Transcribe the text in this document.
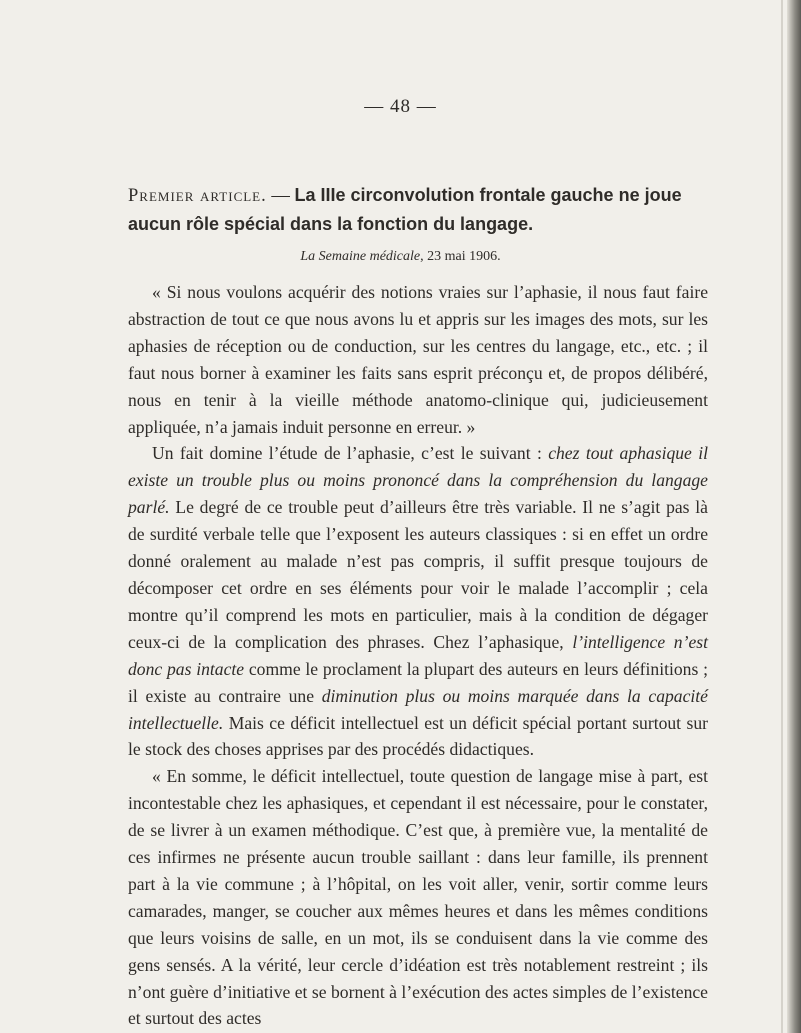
— 48 —

Premier article. — La IIIe circonvolution frontale gauche ne joue aucun rôle spécial dans la fonction du langage.

La Semaine médicale, 23 mai 1906.

« Si nous voulons acquérir des notions vraies sur l’aphasie, il nous faut faire abstraction de tout ce que nous avons lu et appris sur les images des mots, sur les aphasies de réception ou de conduction, sur les centres du langage, etc., etc. ; il faut nous borner à examiner les faits sans esprit préconçu et, de propos délibéré, nous en tenir à la vieille méthode anatomo-clinique qui, judicieusement appliquée, n’a jamais induit personne en erreur. »

Un fait domine l’étude de l’aphasie, c’est le suivant : chez tout aphasique il existe un trouble plus ou moins prononcé dans la compréhension du langage parlé. Le degré de ce trouble peut d’ailleurs être très variable. Il ne s’agit pas là de surdité verbale telle que l’exposent les auteurs classiques : si en effet un ordre donné oralement au malade n’est pas compris, il suffit presque toujours de décomposer cet ordre en ses éléments pour voir le malade l’accomplir ; cela montre qu’il comprend les mots en particulier, mais à la condition de dégager ceux-ci de la complication des phrases. Chez l’aphasique, l’intelligence n’est donc pas intacte comme le proclament la plupart des auteurs en leurs définitions ; il existe au contraire une diminution plus ou moins marquée dans la capacité intellectuelle. Mais ce déficit intellectuel est un déficit spécial portant surtout sur le stock des choses apprises par des procédés didactiques.

« En somme, le déficit intellectuel, toute question de langage mise à part, est incontestable chez les aphasiques, et cependant il est nécessaire, pour le constater, de se livrer à un examen méthodique. C’est que, à première vue, la mentalité de ces infirmes ne présente aucun trouble saillant : dans leur famille, ils prennent part à la vie commune ; à l’hôpital, on les voit aller, venir, sortir comme leurs camarades, manger, se coucher aux mêmes heures et dans les mêmes conditions que leurs voisins de salle, en un mot, ils se conduisent dans la vie comme des gens sensés. A la vérité, leur cercle d’idéation est très notablement restreint ; ils n’ont guère d’initiative et se bornent à l’exécution des actes simples de l’existence et surtout des actes
